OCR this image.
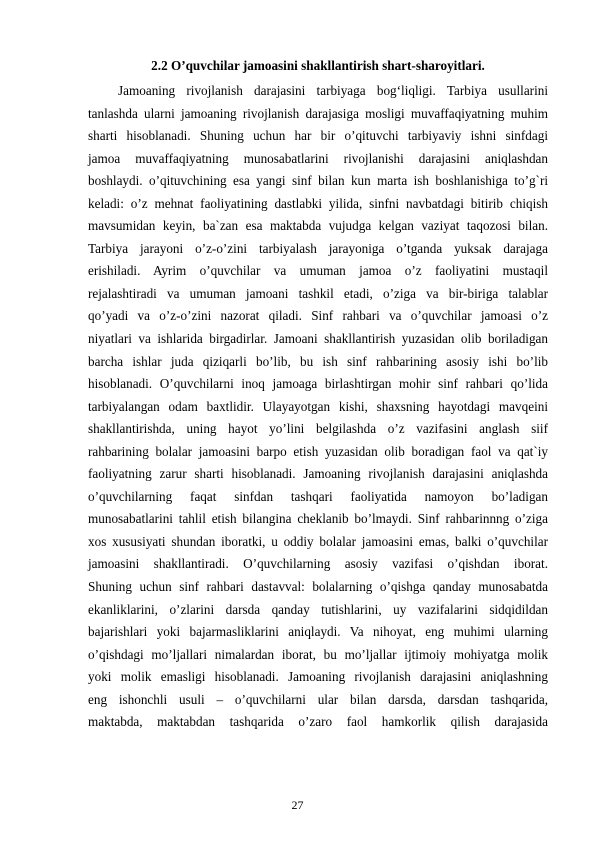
2.2 O’quvchilar jamoasini shakllantirish shart-sharoyitlari.
Jamoaning rivojlanish darajasini tarbiyaga bog‘liqligi. Tarbiya usullarini
tanlashda ularni jamoaning rivojlanish darajasiga mosligi muvaffaqiyatning muhim
sharti hisoblanadi. Shuning uchun har bir o’qituvchi tarbiyaviy ishni sinfdagi
jamoa muvaffaqiyatning munosabatlarini rivojlanishi darajasini aniqlashdan
boshlaydi. o’qituvchining esa yangi sinf bilan kun marta ish boshlanishiga to’g`ri
keladi: o’z mehnat faoliyatining dastlabki yilida, sinfni navbatdagi bitirib chiqish
mavsumidan keyin, ba`zan esa maktabda vujudga kelgan vaziyat taqozosi bilan.
Tarbiya jarayoni o’z-o’zini tarbiyalash jarayoniga o’tganda yuksak darajaga
erishiladi. Ayrim o’quvchilar va umuman jamoa o’z faoliyatini mustaqil
rejalashtiradi va umuman jamoani tashkil etadi, o’ziga va bir-biriga talablar
qo’yadi va o’z-o’zini nazorat qiladi. Sinf rahbari va o’quvchilar jamoasi o’z
niyatlari va ishlarida birgadirlar. Jamoani shakllantirish yuzasidan olib boriladigan
barcha ishlar juda qiziqarli bo’lib, bu ish sinf rahbarining asosiy ishi bo’lib
hisoblanadi. O’quvchilarni inoq jamoaga birlashtirgan mohir sinf rahbari qo’lida
tarbiyalangan odam baxtlidir. Ulayayotgan kishi, shaxsning hayotdagi mavqeini
shakllantirishda, uning hayot yo’lini belgilashda o’z vazifasini anglash siif
rahbarining bolalar jamoasini barpo etish yuzasidan olib boradigan faol va qat`iy
faoliyatning zarur sharti hisoblanadi. Jamoaning rivojlanish darajasini aniqlashda
o’quvchilarning faqat sinfdan tashqari faoliyatida namoyon bo’ladigan
munosabatlarini tahlil etish bilangina cheklanib bo’lmaydi. Sinf rahbarinnng o’ziga
xos xususiyati shundan iboratki, u oddiy bolalar jamoasini emas, balki o’quvchilar
jamoasini shakllantiradi. O’quvchilarning asosiy vazifasi o’qishdan iborat.
Shuning uchun sinf rahbari dastavval: bolalarning o’qishga qanday munosabatda
ekanliklarini, o’zlarini darsda qanday tutishlarini, uy vazifalarini sidqidildan
bajarishlari yoki bajarmasliklarini aniqlaydi. Va nihoyat, eng muhimi ularning
o’qishdagi mo’ljallari nimalardan iborat, bu mo’ljallar ijtimoiy mohiyatga molik
yoki molik emasligi hisoblanadi. Jamoaning rivojlanish darajasini aniqlashning
eng ishonchli usuli – o’quvchilarni ular bilan darsda, darsdan tashqarida,
maktabda, maktabdan tashqarida o’zaro faol hamkorlik qilish darajasida
27
